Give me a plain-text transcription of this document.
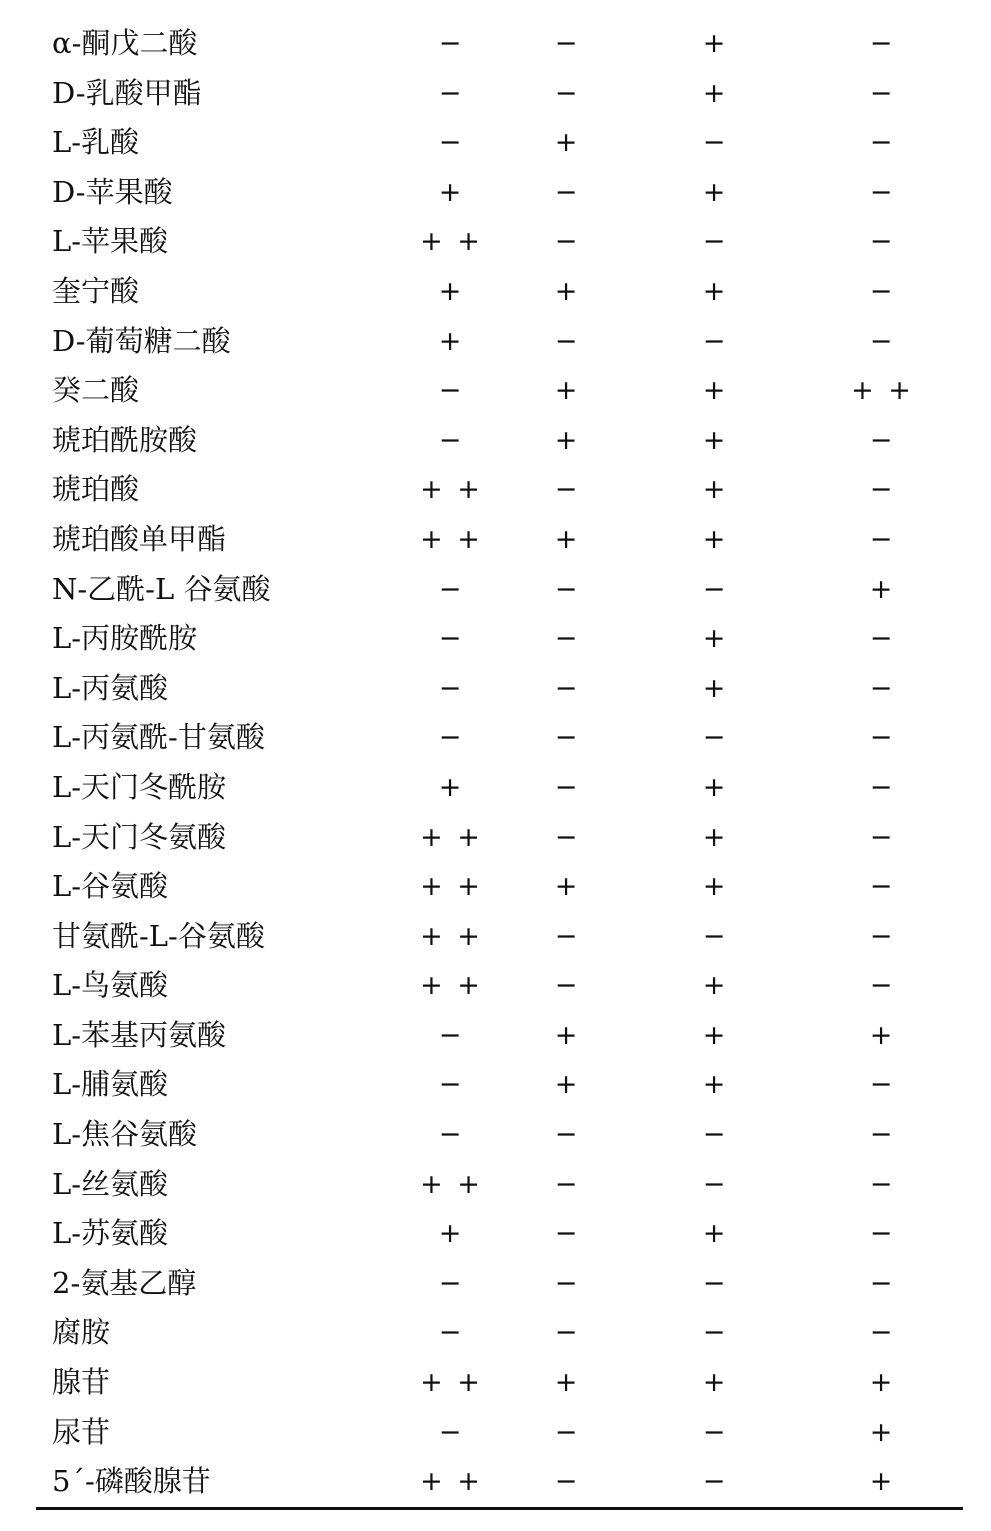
α-酮戊二酸	−	−	+	−
D-乳酸甲酯	−	−	+	−
L-乳酸	−	+	−	−
D-苹果酸	+	−	+	−
L-苹果酸	+ +	−	−	−
奎宁酸	+	+	+	−
D-葡萄糖二酸	+	−	−	−
癸二酸	−	+	+	+ +
琥珀酰胺酸	−	+	+	−
琥珀酸	+ +	−	+	−
琥珀酸单甲酯	+ +	+	+	−
N-乙酰-L 谷氨酸	−	−	−	+
L-丙胺酰胺	−	−	+	−
L-丙氨酸	−	−	+	−
L-丙氨酰-甘氨酸	−	−	−	−
L-天门冬酰胺	+	−	+	−
L-天门冬氨酸	+ +	−	+	−
L-谷氨酸	+ +	+	+	−
甘氨酰-L-谷氨酸	+ +	−	−	−
L-鸟氨酸	+ +	−	+	−
L-苯基丙氨酸	−	+	+	+
L-脯氨酸	−	+	+	−
L-焦谷氨酸	−	−	−	−
L-丝氨酸	+ +	−	−	−
L-苏氨酸	+	−	+	−
2-氨基乙醇	−	−	−	−
腐胺	−	−	−	−
腺苷	+ +	+	+	+
尿苷	−	−	−	+
5´-磷酸腺苷	+ +	−	−	+
